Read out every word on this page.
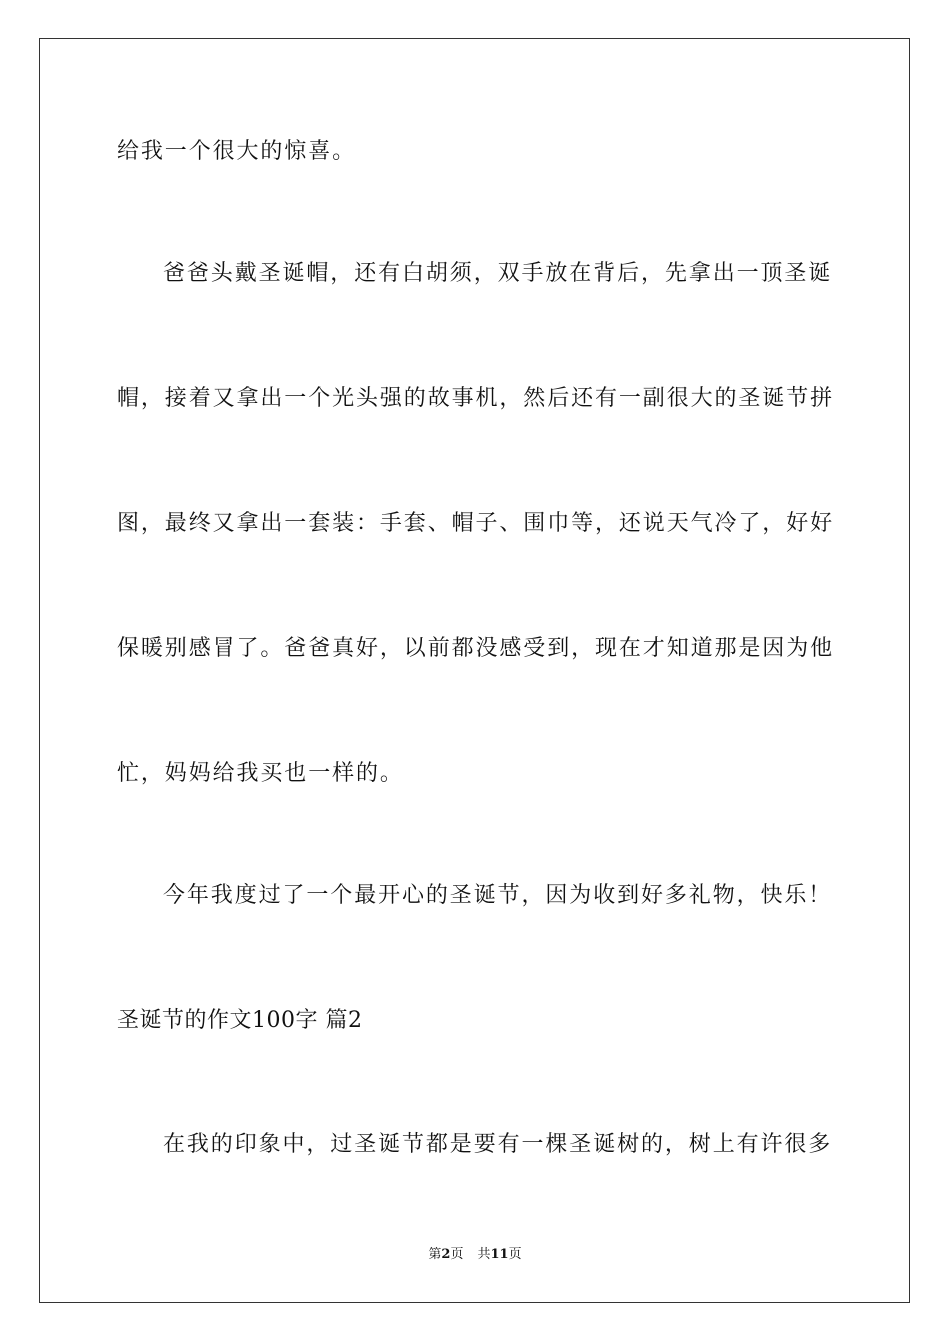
给我一个很大的惊喜。
爸爸头戴圣诞帽，还有白胡须，双手放在背后，先拿出一顶圣诞
帽，接着又拿出一个光头强的故事机，然后还有一副很大的圣诞节拼
图，最终又拿出一套装：手套、帽子、围巾等，还说天气冷了，好好
保暖别感冒了。爸爸真好，以前都没感受到，现在才知道那是因为他
忙，妈妈给我买也一样的。
今年我度过了一个最开心的圣诞节，因为收到好多礼物，快乐！
圣诞节的作文100字 篇2
在我的印象中，过圣诞节都是要有一棵圣诞树的，树上有许很多
第2页 共11页
